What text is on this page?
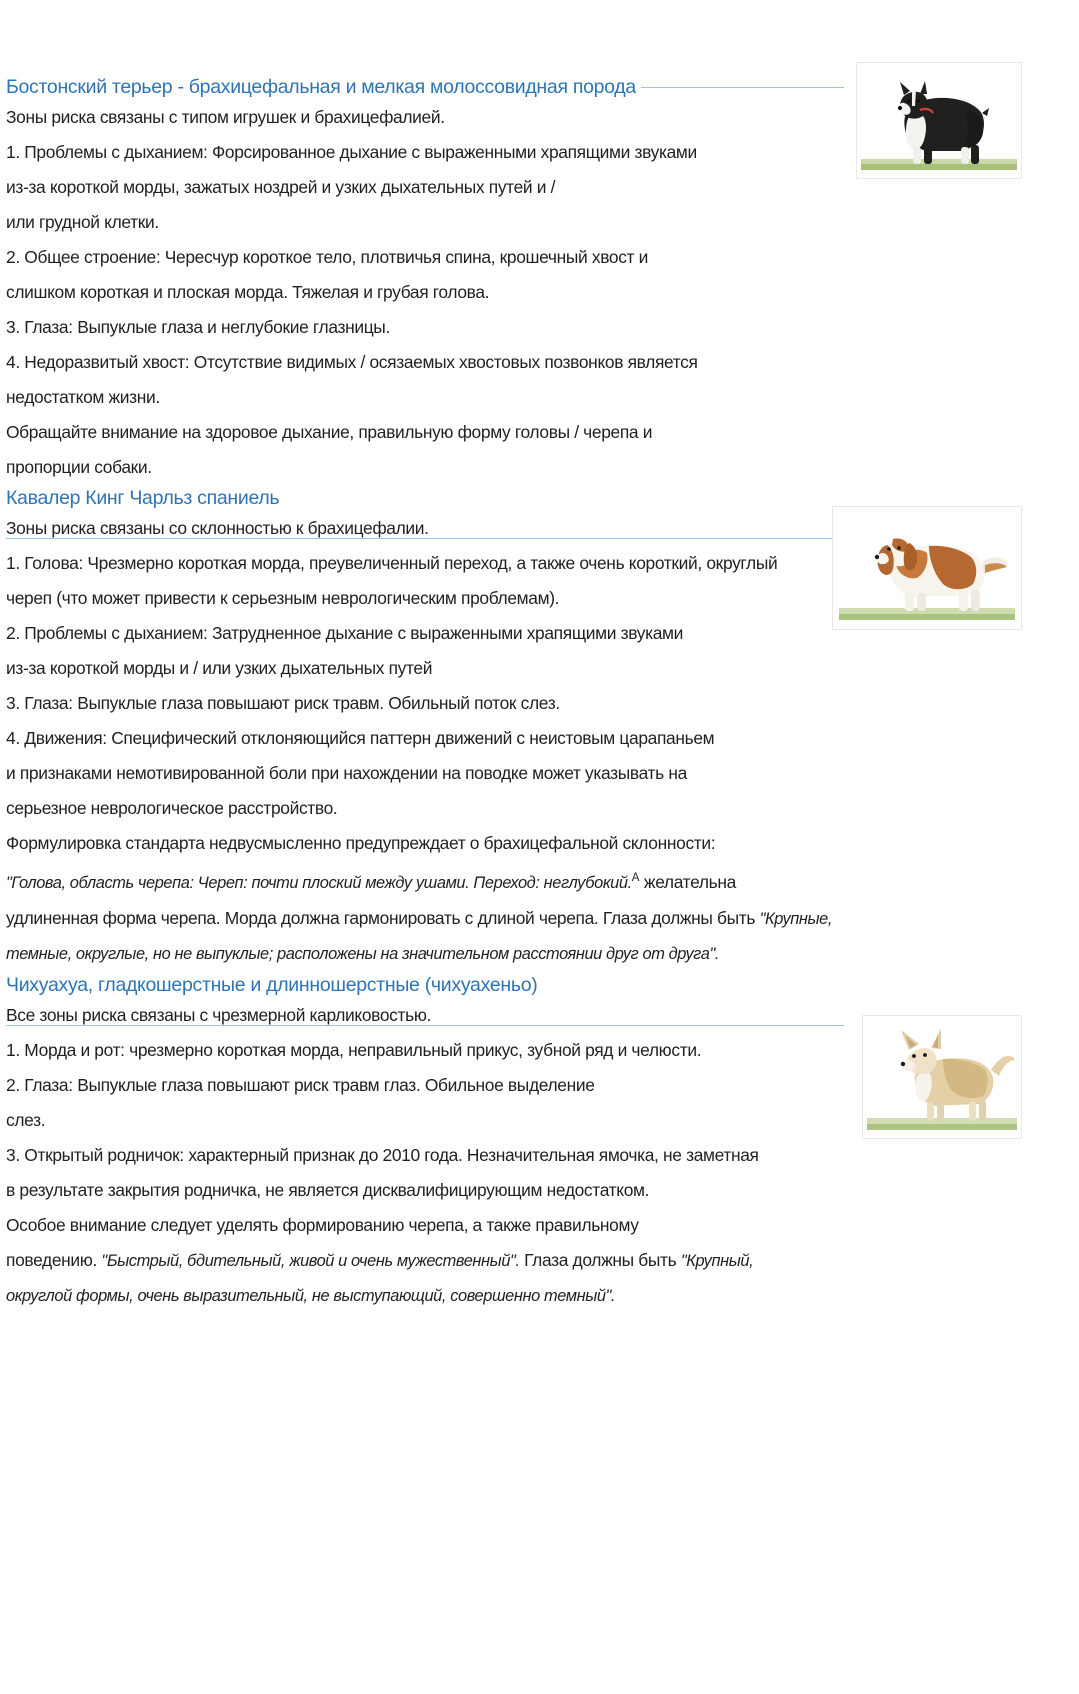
Бостонский терьер - брахицефальная и мелкая молоссовидная порода

Зоны риска связаны с типом игрушек и брахицефалией.

1. Проблемы с дыханием: Форсированное дыхание с выраженными храпящими звуками

из-за короткой морды, зажатых ноздрей и узких дыхательных путей и /

или грудной клетки.

2. Общее строение: Чересчур короткое тело, плотвичья спина, крошечный хвост и

слишком короткая и плоская морда. Тяжелая и грубая голова.

3. Глаза: Выпуклые глаза и неглубокие глазницы.

4. Недоразвитый хвост: Отсутствие видимых / осязаемых хвостовых позвонков является

недостатком жизни.

Обращайте внимание на здоровое дыхание, правильную форму головы / черепа и

пропорции собаки.

Кавалер Кинг Чарльз спаниель

Зоны риска связаны со склонностью к брахицефалии.

1. Голова: Чрезмерно короткая морда, преувеличенный переход, а также очень короткий, округлый

череп (что может привести к серьезным неврологическим проблемам).

2. Проблемы с дыханием: Затрудненное дыхание с выраженными храпящими звуками

из-за короткой морды и / или узких дыхательных путей

3. Глаза: Выпуклые глаза повышают риск травм. Обильный поток слез.

4. Движения: Специфический отклоняющийся паттерн движений с неистовым царапаньем

и признаками немотивированной боли при нахождении на поводке может указывать на

серьезное неврологическое расстройство.

Формулировка стандарта недвусмысленно предупреждает о брахицефальной склонности:

"Голова, область черепа: Череп: почти плоский между ушами. Переход: неглубокий.$^А$ желательна

удлиненная форма черепа. Морда должна гармонировать с длиной черепа. Глаза должны быть "Крупные,

темные, округлые, но не выпуклые; расположены на значительном расстоянии друг от друга".

Чихуахуа, гладкошерстные и длинношерстные (чихуахеньо)

Все зоны риска связаны с чрезмерной карликовостью.

1. Морда и рот: чрезмерно короткая морда, неправильный прикус, зубной ряд и челюсти.

2. Глаза: Выпуклые глаза повышают риск травм глаз. Обильное выделение

слез.

3. Открытый родничок: характерный признак до 2010 года. Незначительная ямочка, не заметная

в результате закрытия родничка, не является дисквалифицирующим недостатком.

Особое внимание следует уделять формированию черепа, а также правильному

поведению. "Быстрый, бдительный, живой и очень мужественный". Глаза должны быть "Крупный,

округлой формы, очень выразительный, не выступающий, совершенно темный".
